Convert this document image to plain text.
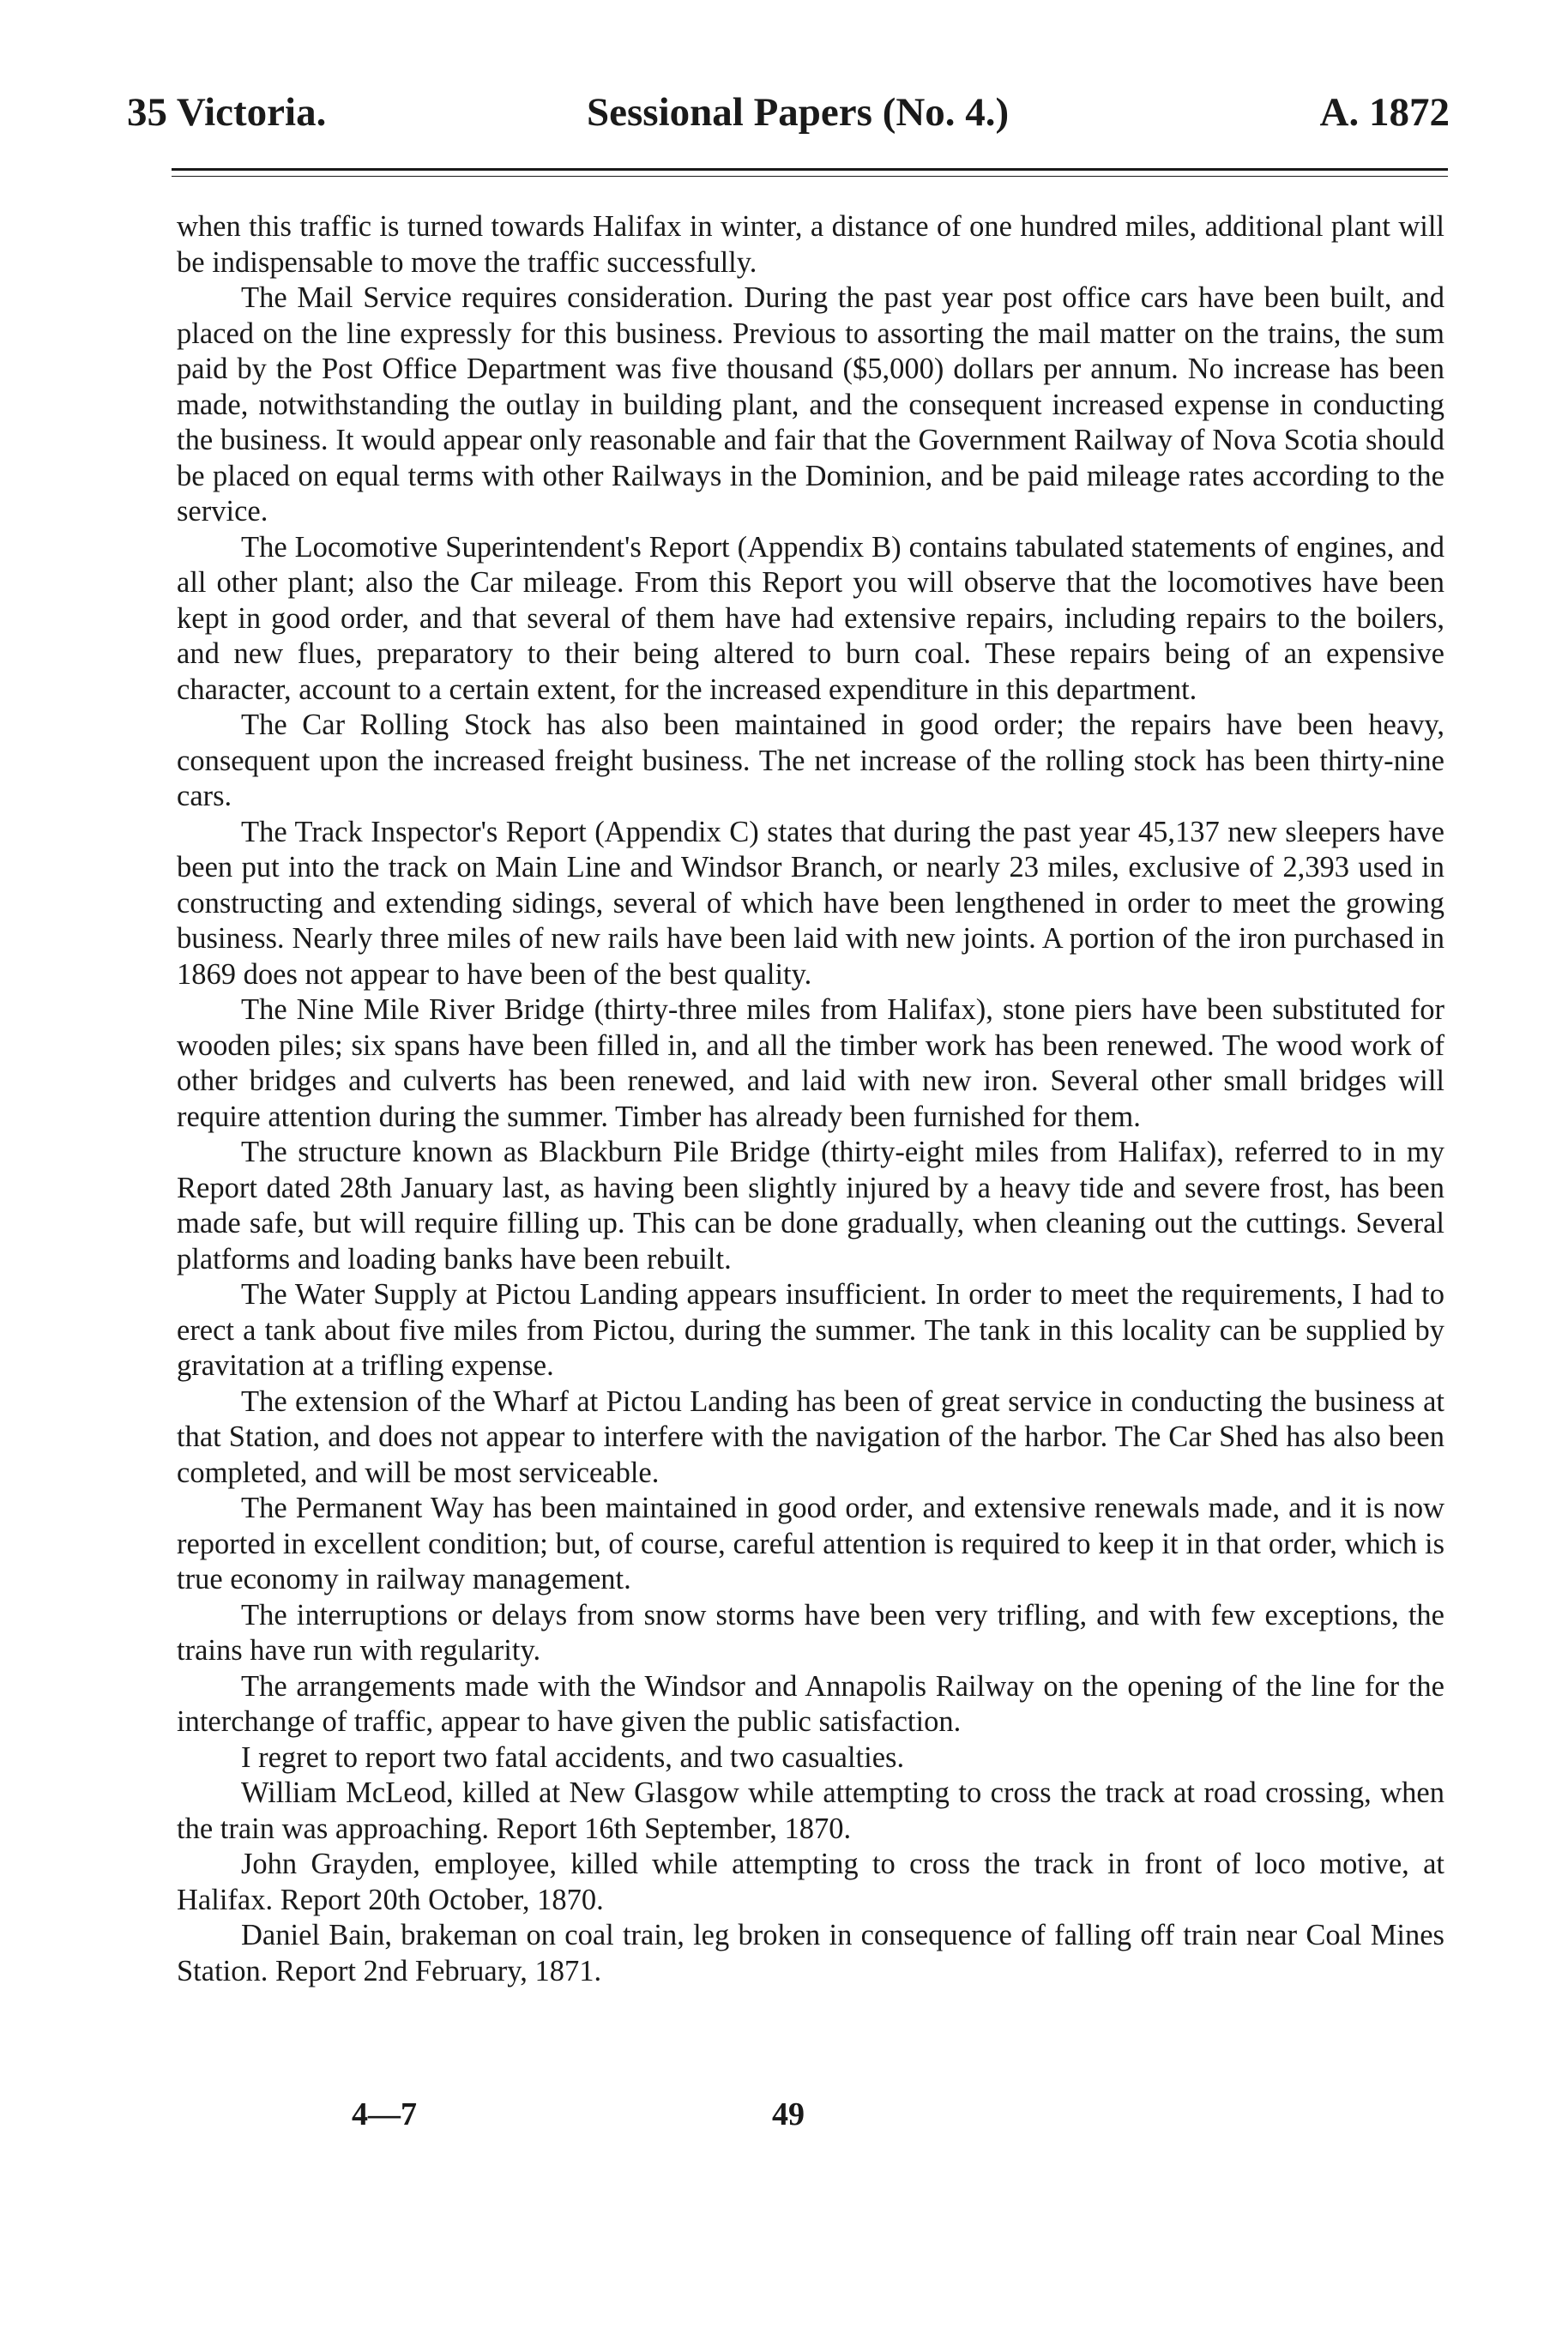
35 Victoria.	Sessional Papers (No. 4.)	A. 1872

when this traffic is turned towards Halifax in winter, a distance of one hundred miles, additional plant will be indispensable to move the traffic successfully.

The Mail Service requires consideration. During the past year post office cars have been built, and placed on the line expressly for this business. Previous to assorting the mail matter on the trains, the sum paid by the Post Office Department was five thousand ($5,000) dollars per annum. No increase has been made, notwithstanding the outlay in building plant, and the consequent increased expense in conducting the business. It would appear only reasonable and fair that the Government Railway of Nova Scotia should be placed on equal terms with other Railways in the Dominion, and be paid mileage rates according to the service.

The Locomotive Superintendent's Report (Appendix B) contains tabulated statements of engines, and all other plant; also the Car mileage. From this Report you will observe that the locomotives have been kept in good order, and that several of them have had extensive repairs, including repairs to the boilers, and new flues, preparatory to their being altered to burn coal. These repairs being of an expensive character, account to a certain extent, for the increased expenditure in this department.

The Car Rolling Stock has also been maintained in good order; the repairs have been heavy, consequent upon the increased freight business. The net increase of the rolling stock has been thirty-nine cars.

The Track Inspector's Report (Appendix C) states that during the past year 45,137 new sleepers have been put into the track on Main Line and Windsor Branch, or nearly 23 miles, exclusive of 2,393 used in constructing and extending sidings, several of which have been lengthened in order to meet the growing business. Nearly three miles of new rails have been laid with new joints. A portion of the iron purchased in 1869 does not appear to have been of the best quality.

The Nine Mile River Bridge (thirty-three miles from Halifax), stone piers have been substituted for wooden piles; six spans have been filled in, and all the timber work has been renewed. The wood work of other bridges and culverts has been renewed, and laid with new iron. Several other small bridges will require attention during the summer. Timber has already been furnished for them.

The structure known as Blackburn Pile Bridge (thirty-eight miles from Halifax), referred to in my Report dated 28th January last, as having been slightly injured by a heavy tide and severe frost, has been made safe, but will require filling up. This can be done gradually, when cleaning out the cuttings. Several platforms and loading banks have been rebuilt.

The Water Supply at Pictou Landing appears insufficient. In order to meet the requirements, I had to erect a tank about five miles from Pictou, during the summer. The tank in this locality can be supplied by gravitation at a trifling expense.

The extension of the Wharf at Pictou Landing has been of great service in conducting the business at that Station, and does not appear to interfere with the navigation of the harbor. The Car Shed has also been completed, and will be most serviceable.

The Permanent Way has been maintained in good order, and extensive renewals made, and it is now reported in excellent condition; but, of course, careful attention is required to keep it in that order, which is true economy in railway management.

The interruptions or delays from snow storms have been very trifling, and with few exceptions, the trains have run with regularity.

The arrangements made with the Windsor and Annapolis Railway on the opening of the line for the interchange of traffic, appear to have given the public satisfaction.

I regret to report two fatal accidents, and two casualties.

William McLeod, killed at New Glasgow while attempting to cross the track at road crossing, when the train was approaching. Report 16th September, 1870.

John Grayden, employee, killed while attempting to cross the track in front of loco motive, at Halifax. Report 20th October, 1870.

Daniel Bain, brakeman on coal train, leg broken in consequence of falling off train near Coal Mines Station. Report 2nd February, 1871.

4—7	49
